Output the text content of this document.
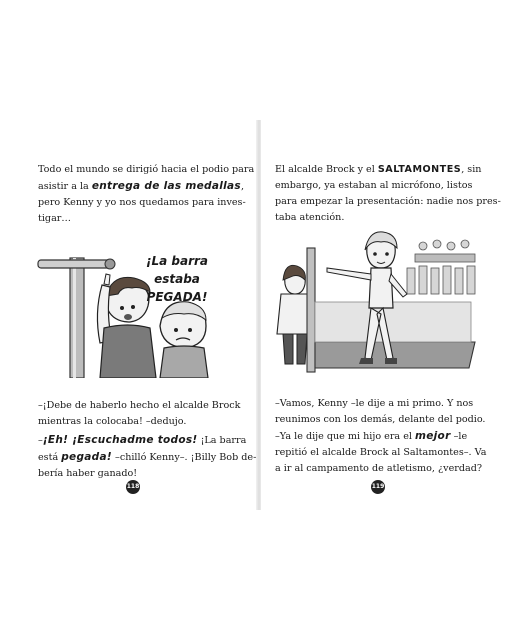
Todo el mundo se dirigió hacia el podio para
asistir a la entrega de las medallas,
pero Kenny y yo nos quedamos para inves-
tigar…
¡La barra estaba
PEGADA!
–¡Debe de haberlo hecho el alcalde Brock
mientras la colocaba! –dedujo.
–¡Eh! ¡Escuchadme todos! ¡La barra
está pegada! –chilló Kenny–. ¡Billy Bob de-
bería haber ganado!
118
El alcalde Brock y el SALTAMONTES, sin
embargo, ya estaban al micrófono, listos
para empezar la presentación: nadie nos pres-
taba atención.
–Vamos, Kenny –le dije a mi primo. Y nos
reunimos con los demás, delante del podio.
–Ya le dije que mi hijo era el mejor –le
repitió el alcalde Brock al Saltamontes–. Va
a ir al campamento de atletismo, ¿verdad?
119
